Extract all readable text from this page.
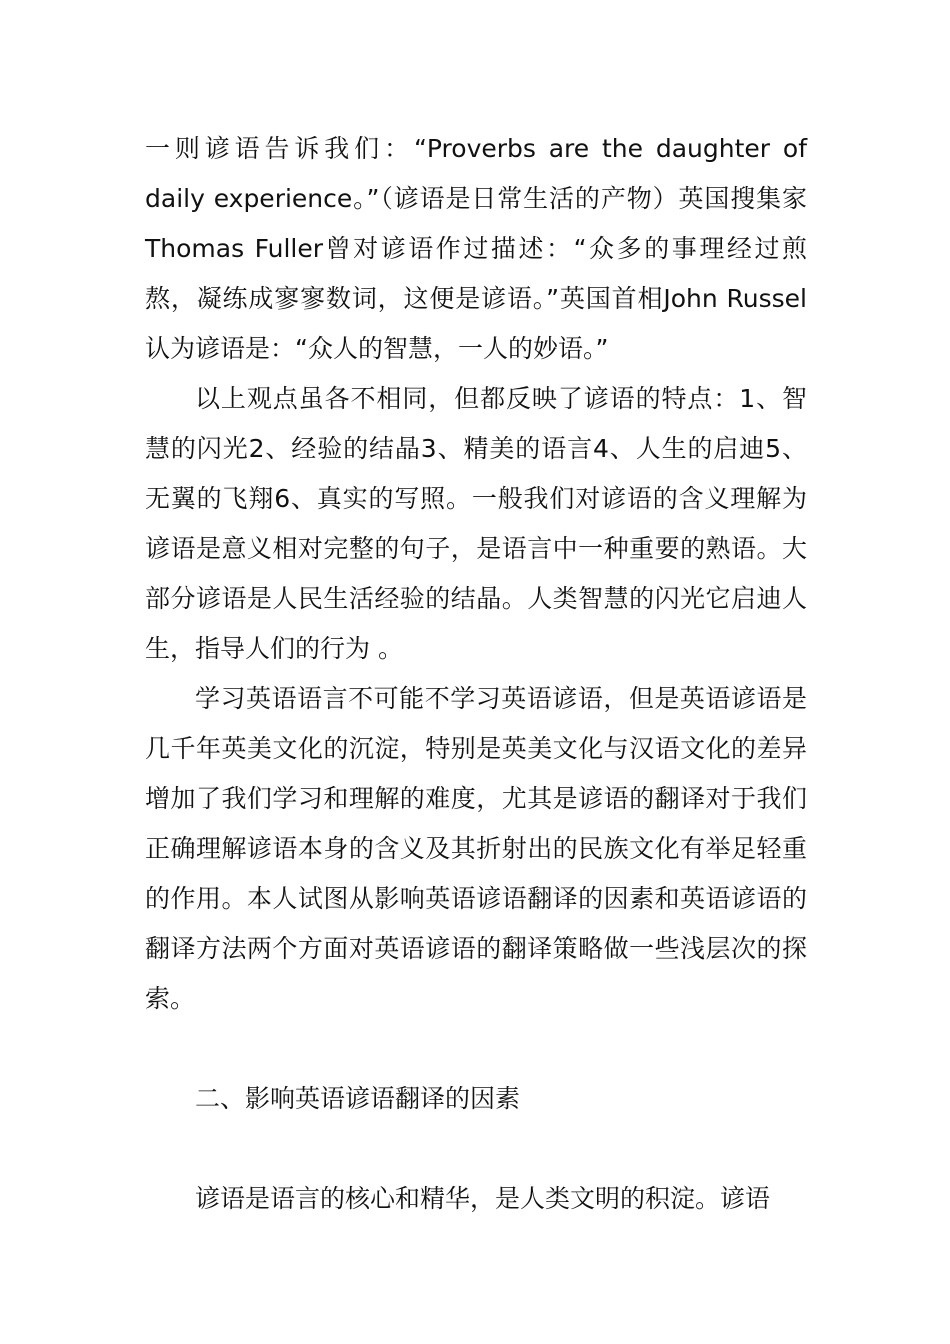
一则谚语告诉我们：“Proverbs are the daughter of daily experience。”（谚语是日常生活的产物）英国搜集家Thomas Fuller曾对谚语作过描述：“众多的事理经过煎熬，凝练成寥寥数词，这便是谚语。”英国首相John Russel认为谚语是：“众人的智慧，一人的妙语。”

以上观点虽各不相同，但都反映了谚语的特点：1、智慧的闪光2、经验的结晶3、精美的语言4、人生的启迪5、无翼的飞翔6、真实的写照。一般我们对谚语的含义理解为谚语是意义相对完整的句子，是语言中一种重要的熟语。大部分谚语是人民生活经验的结晶。人类智慧的闪光它启迪人生，指导人们的行为 。

学习英语语言不可能不学习英语谚语，但是英语谚语是几千年英美文化的沉淀，特别是英美文化与汉语文化的差异增加了我们学习和理解的难度，尤其是谚语的翻译对于我们正确理解谚语本身的含义及其折射出的民族文化有举足轻重的作用。本人试图从影响英语谚语翻译的因素和英语谚语的翻译方法两个方面对英语谚语的翻译策略做一些浅层次的探索。

二、影响英语谚语翻译的因素

谚语是语言的核心和精华，是人类文明的积淀。谚语
